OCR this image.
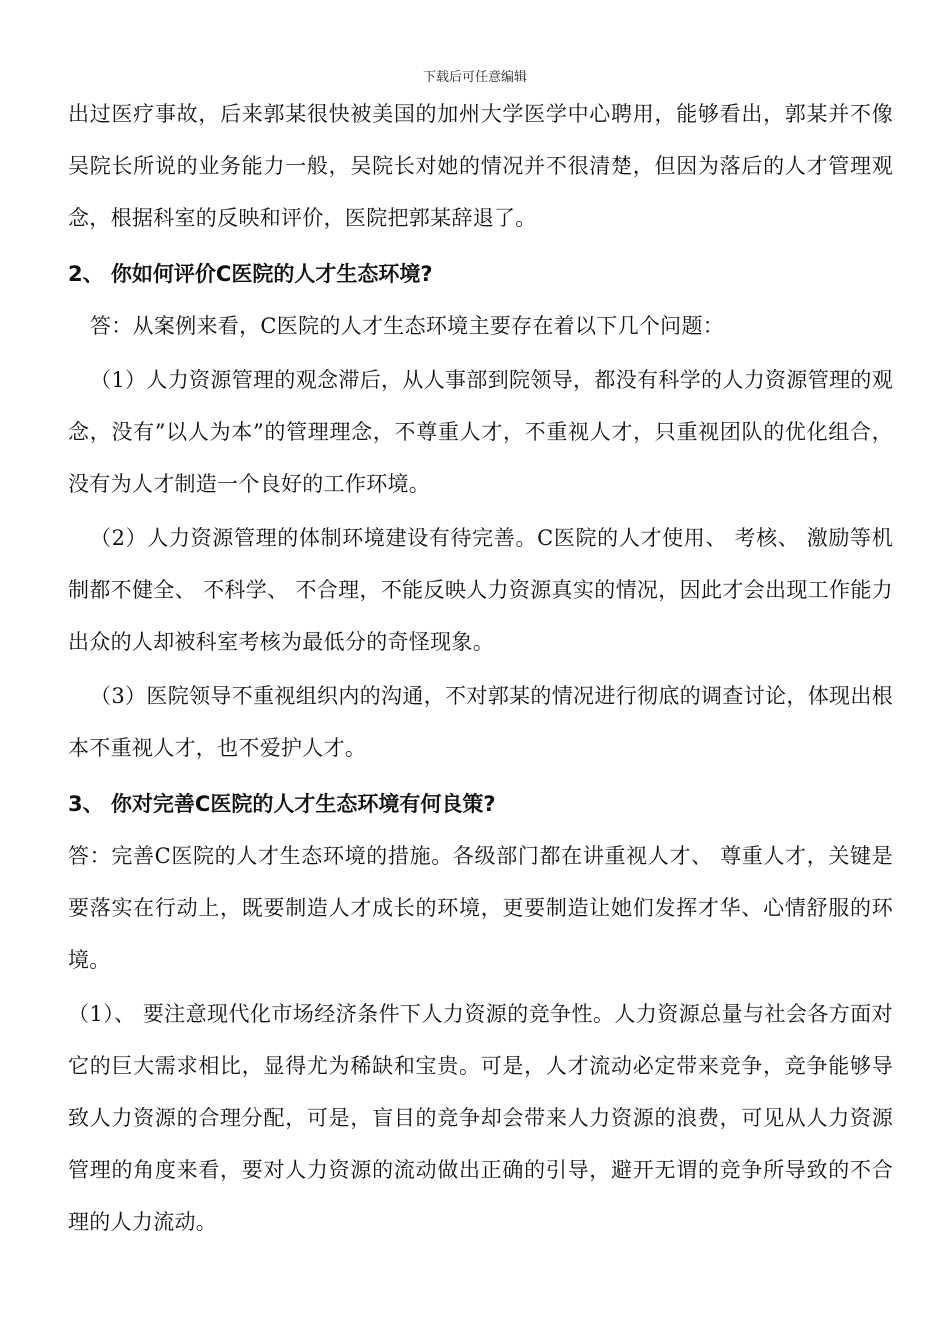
下载后可任意编辑

出过医疗事故，后来郭某很快被美国的加州大学医学中心聘用，能够看出，郭某并不像吴院长所说的业务能力一般，吴院长对她的情况并不很清楚，但因为落后的人才管理观念，根据科室的反映和评价，医院把郭某辞退了。

2、 你如何评价C医院的人才生态环境?

答：从案例来看，C医院的人才生态环境主要存在着以下几个问题：

（1）人力资源管理的观念滞后，从人事部到院领导，都没有科学的人力资源管理的观念，没有”以人为本”的管理理念，不尊重人才，不重视人才，只重视团队的优化组合，没有为人才制造一个良好的工作环境。

（2）人力资源管理的体制环境建设有待完善。C医院的人才使用、 考核、 激励等机制都不健全、 不科学、 不合理，不能反映人力资源真实的情况，因此才会出现工作能力出众的人却被科室考核为最低分的奇怪现象。

（3）医院领导不重视组织内的沟通，不对郭某的情况进行彻底的调查讨论，体现出根本不重视人才，也不爱护人才。

3、 你对完善C医院的人才生态环境有何良策?

答：完善C医院的人才生态环境的措施。各级部门都在讲重视人才、 尊重人才，关键是要落实在行动上，既要制造人才成长的环境，更要制造让她们发挥才华、心情舒服的环境。

（1）、 要注意现代化市场经济条件下人力资源的竞争性。人力资源总量与社会各方面对它的巨大需求相比，显得尤为稀缺和宝贵。可是，人才流动必定带来竞争，竞争能够导致人力资源的合理分配，可是，盲目的竞争却会带来人力资源的浪费，可见从人力资源管理的角度来看，要对人力资源的流动做出正确的引导，避开无谓的竞争所导致的不合理的人力流动。
